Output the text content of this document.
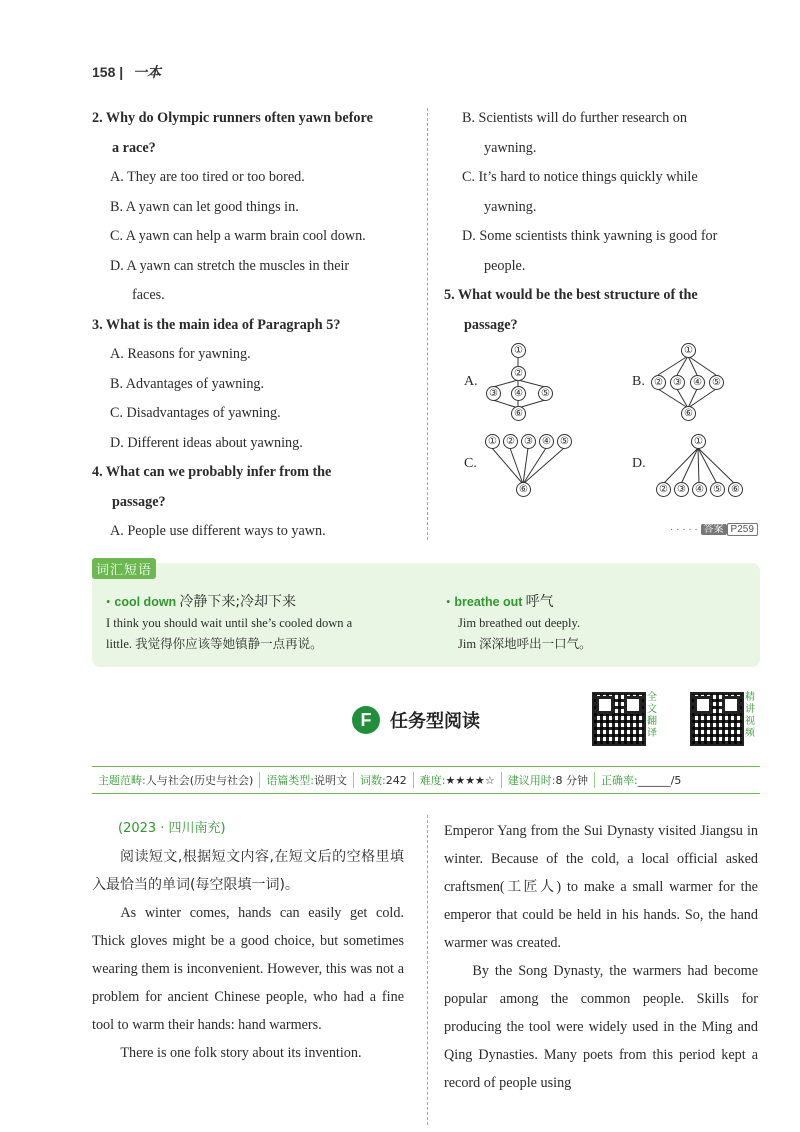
158 | 一本
2. Why do Olympic runners often yawn before
a race?
A. They are too tired or too bored.
B. A yawn can let good things in.
C. A yawn can help a warm brain cool down.
D. A yawn can stretch the muscles in their
faces.
3. What is the main idea of Paragraph 5?
A. Reasons for yawning.
B. Advantages of yawning.
C. Disadvantages of yawning.
D. Different ideas about yawning.
4. What can we probably infer from the
passage?
A. People use different ways to yawn.
B. Scientists will do further research on
yawning.
C. It’s hard to notice things quickly while
yawning.
D. Some scientists think yawning is good for
people.
5. What would be the best structure of the
passage?
A.
①
②
③	④	⑤
⑥
B.
①
②	③	④	⑤
⑥
C.
① ② ③ ④ ⑤
⑥
D.
①
② ③ ④ ⑤ ⑥
· · · · · 答案 P259
词汇短语
• cool down 冷静下来;冷却下来
I think you should wait until she’s cooled down a
little. 我觉得你应该等她镇静一点再说。
• breathe out 呼气
Jim breathed out deeply.
Jim 深深地呼出一口气。
F 任务型阅读
全文翻译
精讲视频
主题范畴:人与社会(历史与社会)	语篇类型:说明文	词数:242	难度:★★★★☆	建议用时:8 分钟	正确率:______/5
(2023 · 四川南充)
阅读短文,根据短文内容,在短文后的空格里填入最恰当的单词(每空限填一词)。
As winter comes, hands can easily get cold. Thick gloves might be a good choice, but sometimes wearing them is inconvenient. However, this was not a problem for ancient Chinese people, who had a fine tool to warm their hands: hand warmers.
There is one folk story about its invention.
Emperor Yang from the Sui Dynasty visited Jiangsu in winter. Because of the cold, a local official asked craftsmen(工匠人) to make a small warmer for the emperor that could be held in his hands. So, the hand warmer was created.
By the Song Dynasty, the warmers had become popular among the common people. Skills for producing the tool were widely used in the Ming and Qing Dynasties. Many poets from this period kept a record of people using
